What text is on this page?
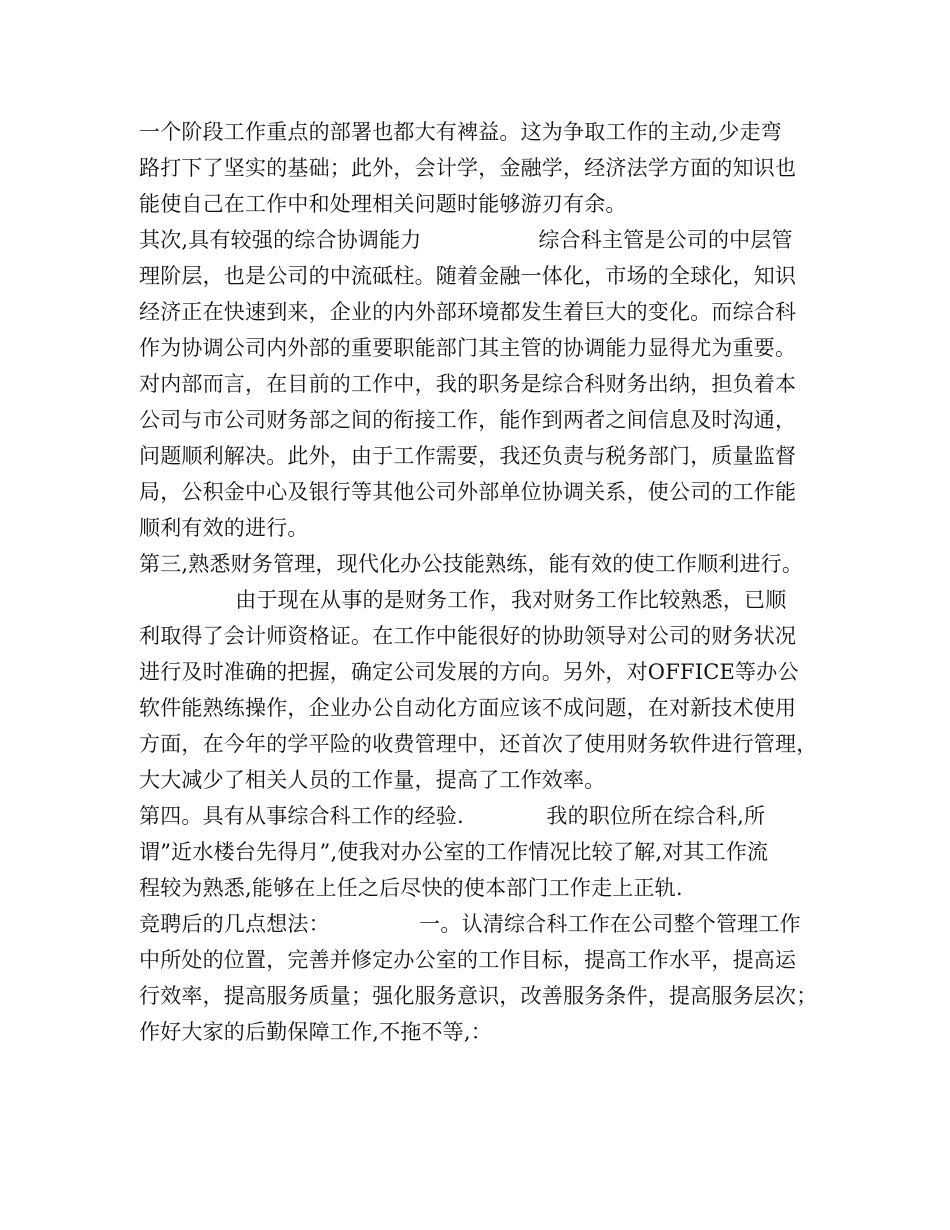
一个阶段工作重点的部署也都大有裨益。这为争取工作的主动,少走弯
路打下了坚实的基础；此外，会计学，金融学，经济法学方面的知识也
能使自己在工作中和处理相关问题时能够游刃有余。
其次,具有较强的综合协调能力                 综合科主管是公司的中层管
理阶层，也是公司的中流砥柱。随着金融一体化，市场的全球化，知识
经济正在快速到来，企业的内外部环境都发生着巨大的变化。而综合科
作为协调公司内外部的重要职能部门其主管的协调能力显得尤为重要。
对内部而言，在目前的工作中，我的职务是综合科财务出纳，担负着本
公司与市公司财务部之间的衔接工作，能作到两者之间信息及时沟通，
问题顺利解决。此外，由于工作需要，我还负责与税务部门，质量监督
局，公积金中心及银行等其他公司外部单位协调关系，使公司的工作能
顺利有效的进行。
第三,熟悉财务管理，现代化办公技能熟练，能有效的使工作顺利进行。
由于现在从事的是财务工作，我对财务工作比较熟悉，已顺
利取得了会计师资格证。在工作中能很好的协助领导对公司的财务状况
进行及时准确的把握，确定公司发展的方向。另外，对OFFICE等办公
软件能熟练操作，企业办公自动化方面应该不成问题，在对新技术使用
方面，在今年的学平险的收费管理中，还首次了使用财务软件进行管理，
大大减少了相关人员的工作量，提高了工作效率。
第四。具有从事综合科工作的经验.            我的职位所在综合科,所
谓”近水楼台先得月”,使我对办公室的工作情况比较了解,对其工作流
程较为熟悉,能够在上任之后尽快的使本部门工作走上正轨.
竞聘后的几点想法：             一。认清综合科工作在公司整个管理工作
中所处的位置，完善并修定办公室的工作目标，提高工作水平，提高运
行效率，提高服务质量；强化服务意识，改善服务条件，提高服务层次；
作好大家的后勤保障工作,不拖不等,：
